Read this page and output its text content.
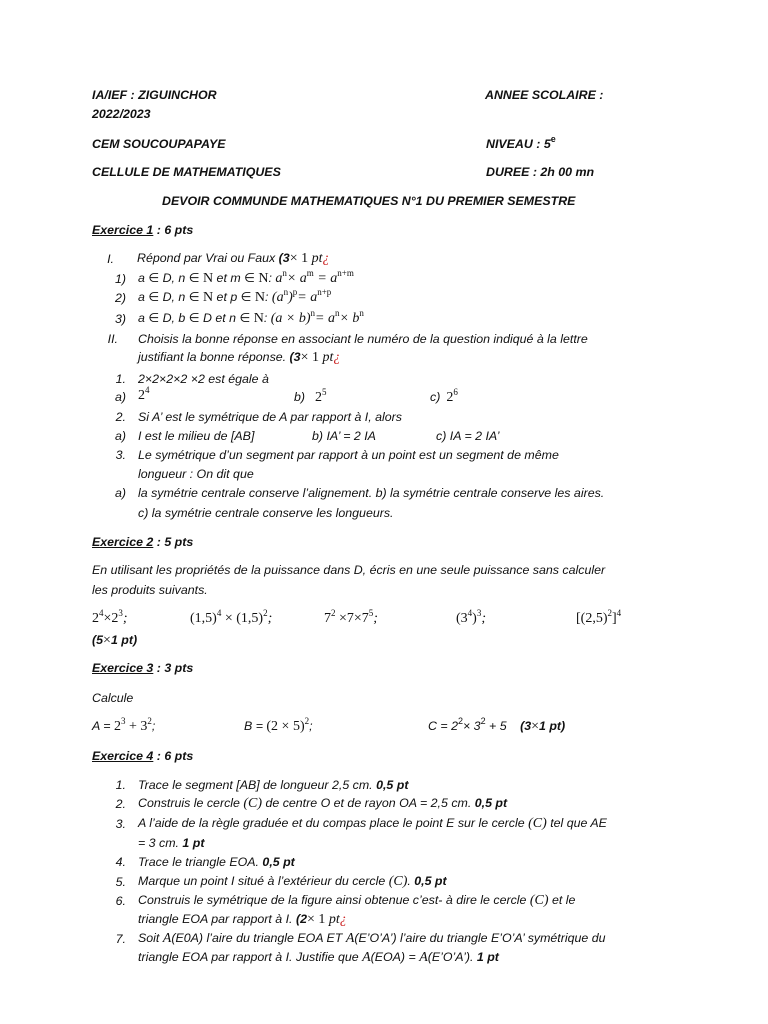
IA/IEF : ZIGUINCHOR	ANNEE SCOLAIRE :
2022/2023
CEM SOUCOUPAPAYE	NIVEAU : 5e
CELLULE DE MATHEMATIQUES	DUREE : 2h 00 mn
DEVOIR COMMUNDE MATHEMATIQUES N°1 DU PREMIER SEMESTRE
Exercice 1 : 6 pts
I. Répond par Vrai ou Faux (3× 1 pt¿
1) a ∈ D, n ∈ N et m ∈ N: $a^n\times a^m = a^{n+m}$
2) a ∈ D, n ∈ N et p ∈ N: $(a^n)^p= a^{n+p}$
3) a ∈ D, b ∈ D et n ∈ N: $(a \times b)^n= a^n\times b^n$
II. Choisis la bonne réponse en associant le numéro de la question indiqué à la lettre
justifiant la bonne réponse. (3× 1 pt¿
1. 2×2×2×2 ×2 est égale à
a) $2^4$	b) $2^5$	c) $2^6$
2. Si A’ est le symétrique de A par rapport à I, alors
a) I est le milieu de [AB]	b) IA’ = 2 IA	c) IA = 2 IA’
3. Le symétrique d’un segment par rapport à un point est un segment de même
longueur : On dit que
a) la symétrie centrale conserve l’alignement. b) la symétrie centrale conserve les aires.
c) la symétrie centrale conserve les longueurs.
Exercice 2 : 5 pts
En utilisant les propriétés de la puissance dans D, écris en une seule puissance sans calculer
les produits suivants.
$2^4\times 2^3$;	$(1,5)^4 \times (1,5)^2$;	$7^2 \times 7\times 7^5$;	$(3^4)^3$;	$[(2,5)^2]^4$
(5×1 pt)
Exercice 3 : 3 pts
Calcule
$A = 2^3 + 3^2$;	$B = (2 \times 5)^2$;	$C = 2^2\times 3^2 + 5$ (3×1 pt)
Exercice 4 : 6 pts
1. Trace le segment [AB] de longueur 2,5 cm. 0,5 pt
2. Construis le cercle (C) de centre O et de rayon OA = 2,5 cm. 0,5 pt
3. A l’aide de la règle graduée et du compas place le point E sur le cercle (C) tel que AE
= 3 cm. 1 pt
4. Trace le triangle EOA. 0,5 pt
5. Marque un point I situé à l’extérieur du cercle (C). 0,5 pt
6. Construis le symétrique de la figure ainsi obtenue c’est- à dire le cercle (C) et le
triangle EOA par rapport à I. (2× 1 pt¿
7. Soit A(E0A) l’aire du triangle EOA ET A(E’O’A’) l’aire du triangle E’O’A’ symétrique du
triangle EOA par rapport à I. Justifie que A(EOA) = A(E’O’A’). 1 pt
